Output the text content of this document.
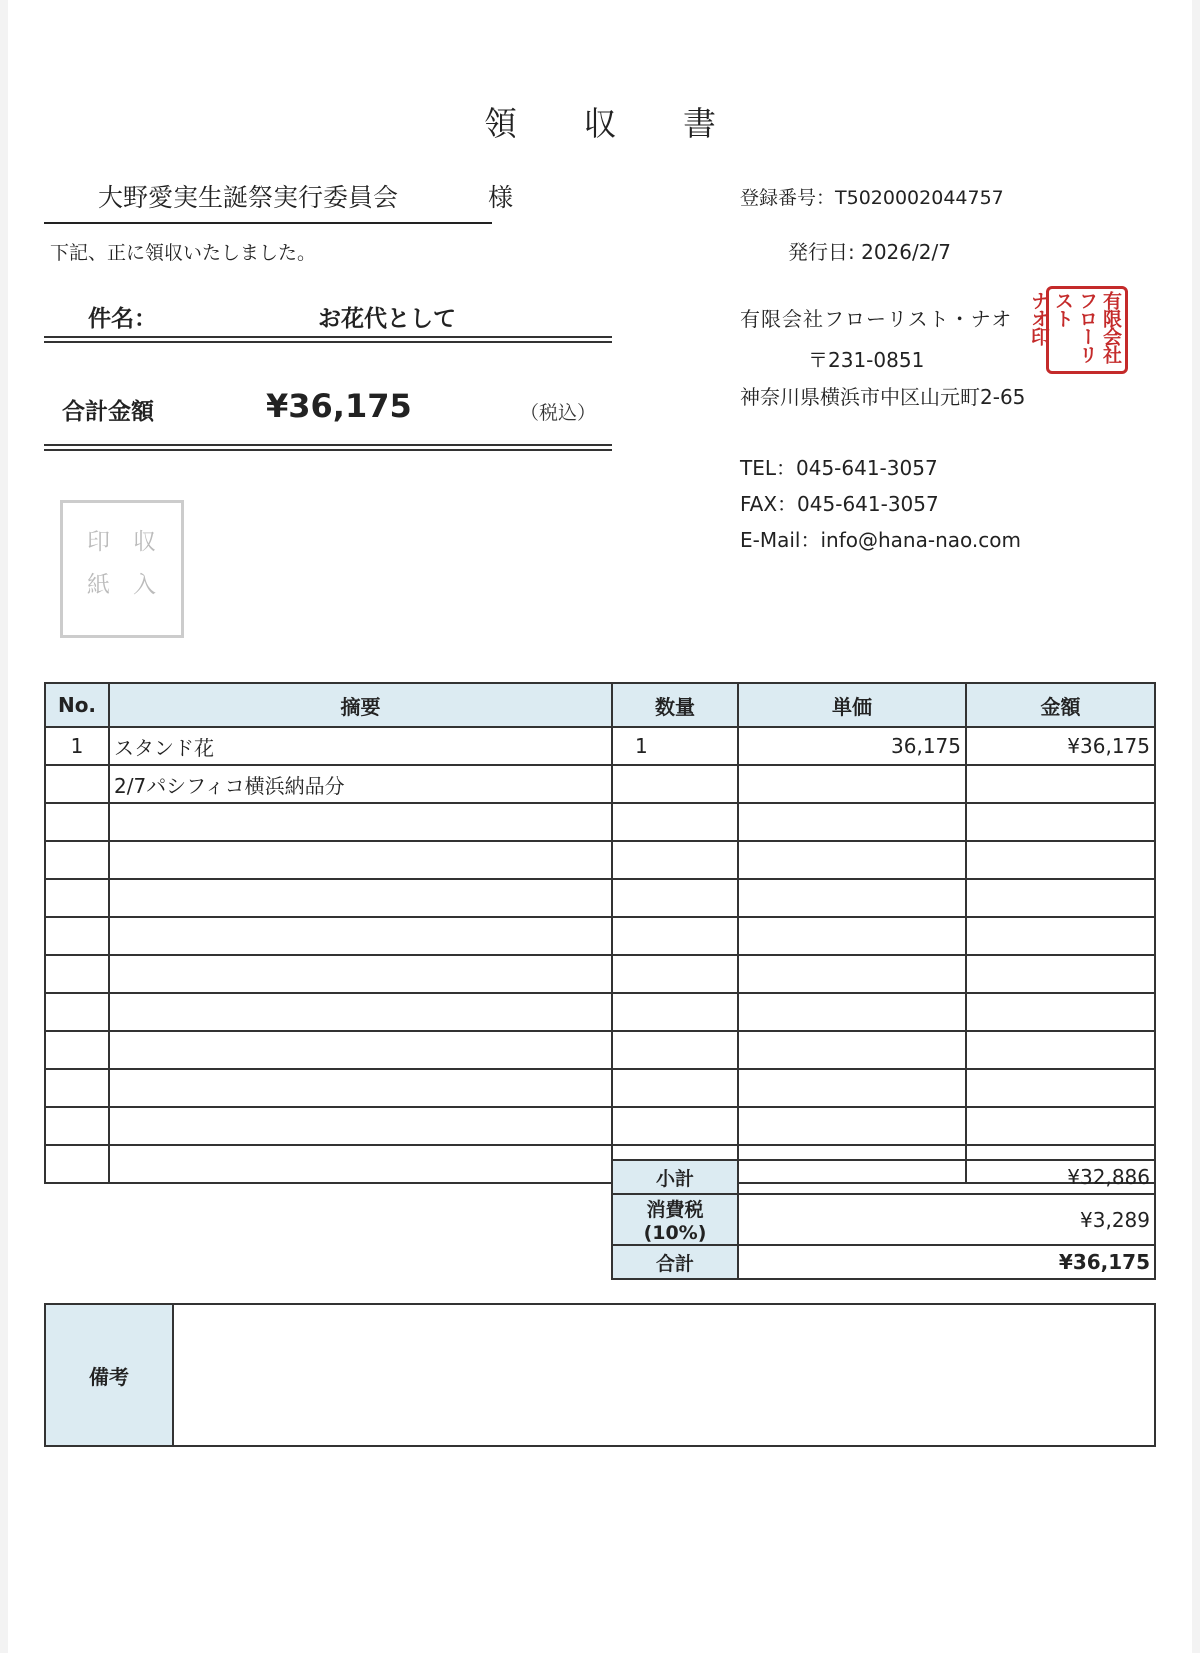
領 収 書
大野愛実生誕祭実行委員会	様	登録番号：T5020002044757
下記、正に領収いたしました。	発行日: 2026/2/7
件名：	お花代として
合計金額	¥36,175	（税込）
有限会社フローリスト・ナオ
〒231-0851
神奈川県横浜市中区山元町2-65
TEL：045-641-3057
FAX：045-641-3057
E-Mail：info@hana-nao.com
有限会社
フローリスト
ナオ印
収入
印紙
No.	摘要	数量	単価	金額
1	スタンド花	1	36,175	¥36,175
	2/7パシフィコ横浜納品分			

小計	¥32,886
消費税(10%)	¥3,289
合計	¥36,175
備考
